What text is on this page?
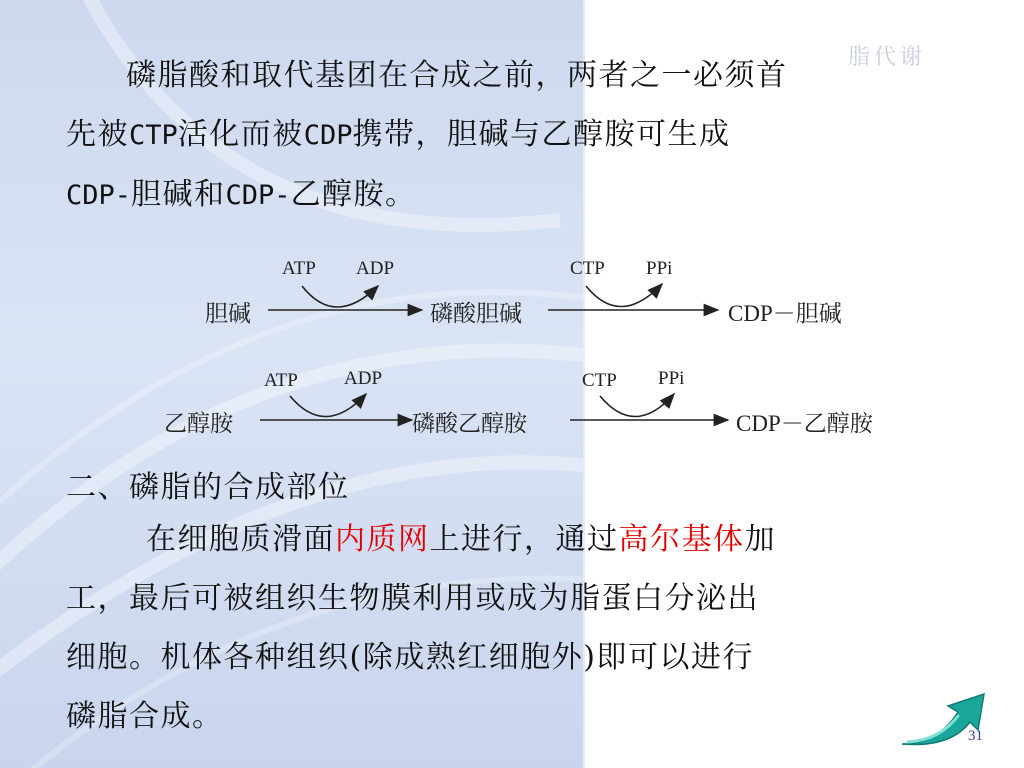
脂代谢
磷脂酸和取代基团在合成之前，两者之一必须首
先被CTP活化而被CDP携带，胆碱与乙醇胺可生成
CDP-胆碱和CDP-乙醇胺。
胆碱
ATP ADP
磷酸胆碱
CTP PPi
CDP－胆碱
乙醇胺
ATP ADP
磷酸乙醇胺
CTP PPi
CDP－乙醇胺
二、磷脂的合成部位
在细胞质滑面内质网上进行，通过高尔基体加
工，最后可被组织生物膜利用或成为脂蛋白分泌出
细胞。机体各种组织(除成熟红细胞外)即可以进行
磷脂合成。
31
